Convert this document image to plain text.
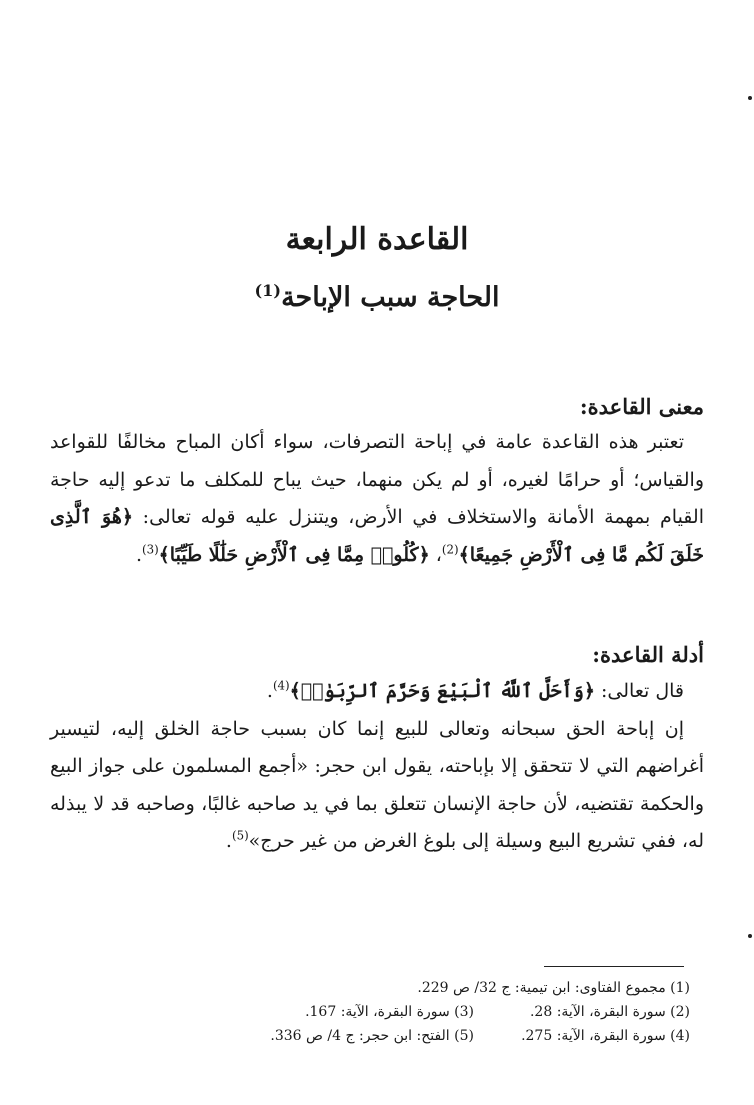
القاعدة الرابعة
الحاجة سبب الإباحة$^{(1)}$
معنى القاعدة:

تعتبر هذه القاعدة عامة في إباحة التصرفات، سواء أكان المباح مخالفًا للقواعد والقياس؛ أو حرامًا لغيره، أو لم يكن منهما، حيث يباح للمكلف ما تدعو إليه حاجة القيام بمهمة الأمانة والاستخلاف في الأرض، ويتنزل عليه قوله تعالى: ﴿هُوَ ٱلَّذِى خَلَقَ لَكُم مَّا فِى ٱلْأَرْضِ جَمِيعًا﴾$^{(2)}$، ﴿كُلُوا۟ مِمَّا فِى ٱلْأَرْضِ حَلَٰلًا طَيِّبًا﴾$^{(3)}$.

أدلة القاعدة:

قال تعالى: ﴿وَأَحَلَّ ٱللَّهُ ٱلْبَيْعَ وَحَرَّمَ ٱلرِّبَوٰا۟﴾$^{(4)}$.

إن إباحة الحق سبحانه وتعالى للبيع إنما كان بسبب حاجة الخلق إليه، لتيسير أغراضهم التي لا تتحقق إلا بإباحته، يقول ابن حجر: «أجمع المسلمون على جواز البيع والحكمة تقتضيه، لأن حاجة الإنسان تتعلق بما في يد صاحبه غالبًا، وصاحبه قد لا يبذله له، ففي تشريع البيع وسيلة إلى بلوغ الغرض من غير حرج»$^{(5)}$.

(1) مجموع الفتاوى: ابن تيمية: ج 32/ ص 229.
(2) سورة البقرة، الآية: 28.
(3) سورة البقرة، الآية: 167.
(4) سورة البقرة، الآية: 275.
(5) الفتح: ابن حجر: ج 4/ ص 336.
